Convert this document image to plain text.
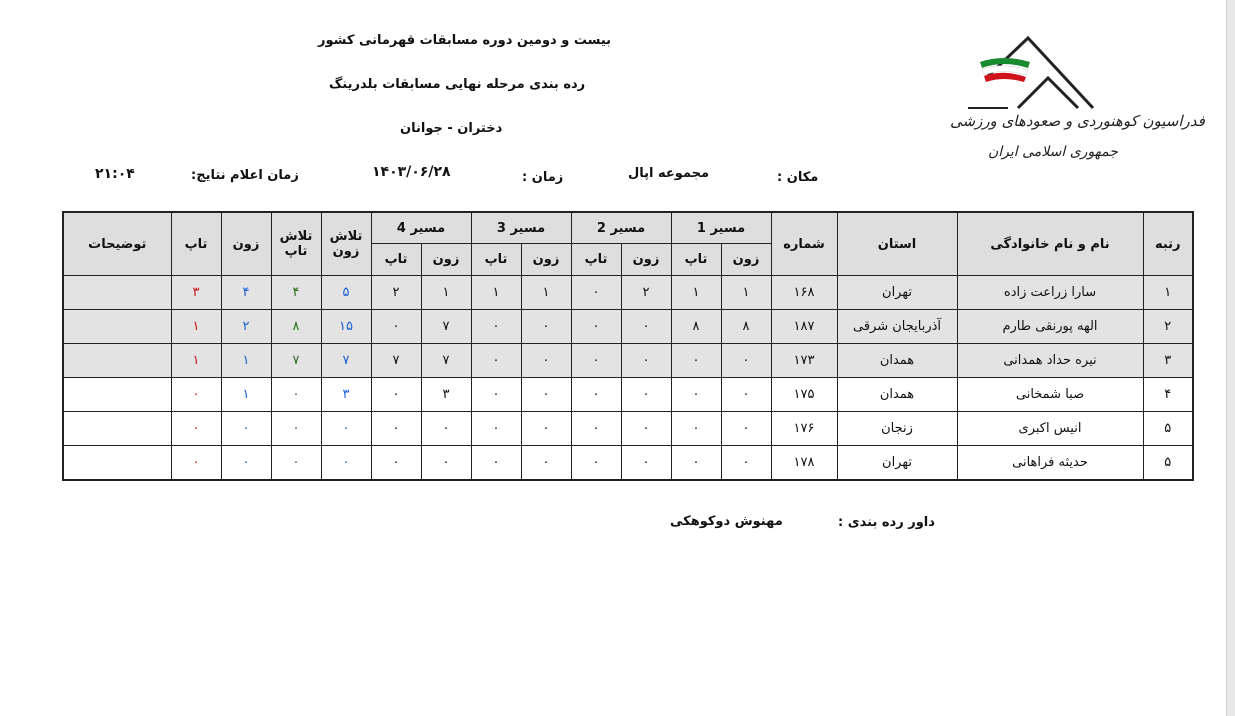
بیست و دومین دوره مسابقات قهرمانی کشور
رده بندی مرحله نهایی مسابقات بلدرینگ
دختران - جوانان	فدراسیون کوهنوردی و صعودهای ورزشی
جمهوری اسلامی ایران
مکان :
مجموعه اپال
زمان :
۱۴۰۳/۰۶/۲۸
زمان اعلام نتایج:
۲۱:۰۴
رتبه	نام و نام خانوادگی	استان	شماره	مسیر 1		مسیر 2		مسیر 3		مسیر 4		تلاش زون	تلاش تاپ	زون	تاپ	توضیحات
				زون	تاپ	زون	تاپ	زون	تاپ	زون	تاپ					
۱	سارا زراعت زاده	تهران	۱۶۸	۱	۱	۲	۰	۱	۱	۱	۲	۵	۴	۴	۳	
۲	الهه پورنقی طارم	آذربایجان شرقی	۱۸۷	۸	۸	۰	۰	۰	۰	۷	۰	۱۵	۸	۲	۱	
۳	نیره حداد همدانی	همدان	۱۷۳	۰	۰	۰	۰	۰	۰	۷	۷	۷	۷	۱	۱	
۴	صبا شمخانی	همدان	۱۷۵	۰	۰	۰	۰	۰	۰	۳	۰	۳	۰	۱	۰	
۵	انیس اکبری	زنجان	۱۷۶	۰	۰	۰	۰	۰	۰	۰	۰	۰	۰	۰	۰	
۵	حدیثه فراهانی	تهران	۱۷۸	۰	۰	۰	۰	۰	۰	۰	۰	۰	۰	۰	۰	
داور رده بندی :
مهنوش دوکوهکی
